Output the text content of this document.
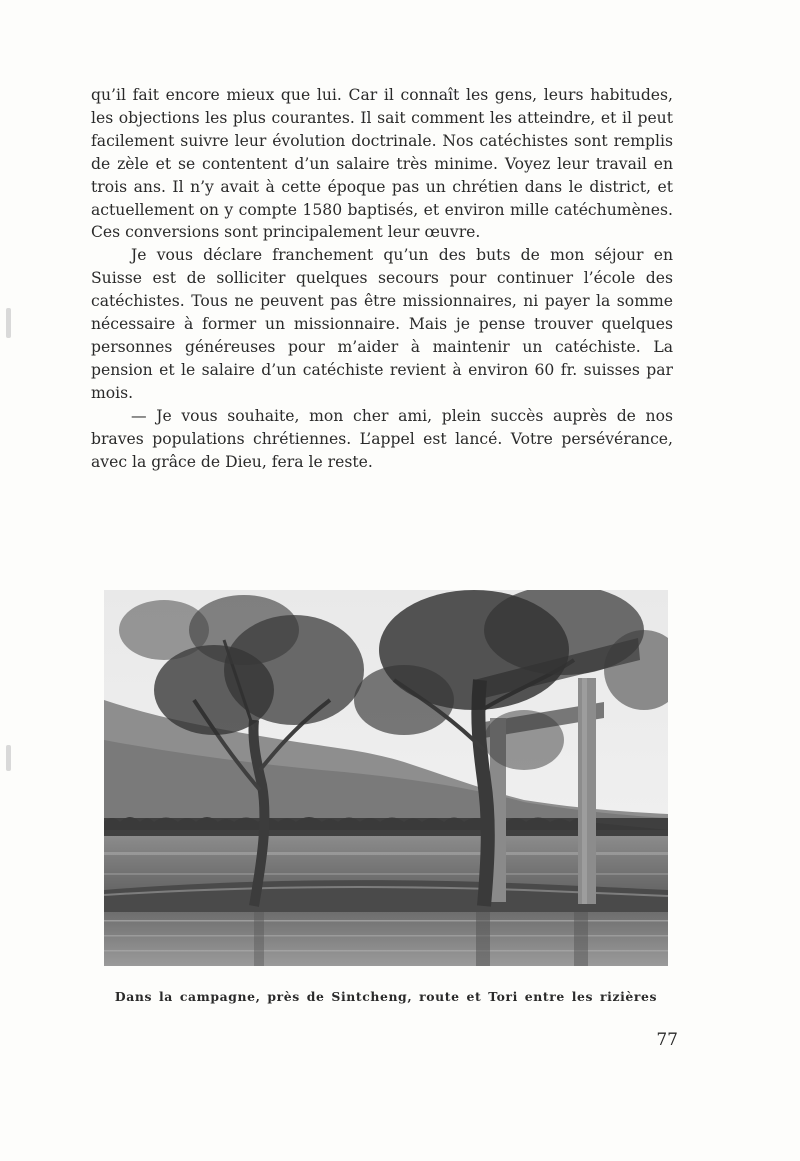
qu’il fait encore mieux que lui. Car il connaît les gens, leurs habitudes, les objections les plus courantes. Il sait comment les atteindre, et il peut facilement suivre leur évolution doctrinale. Nos catéchistes sont remplis de zèle et se contentent d’un salaire très minime. Voyez leur travail en trois ans. Il n’y avait à cette époque pas un chrétien dans le district, et actuellement on y compte 1580 baptisés, et environ mille catéchumènes. Ces conversions sont principalement leur œuvre.

Je vous déclare franchement qu’un des buts de mon séjour en Suisse est de solliciter quelques secours pour continuer l’école des catéchistes. Tous ne peuvent pas être missionnaires, ni payer la somme nécessaire à former un missionnaire. Mais je pense trouver quelques personnes généreuses pour m’aider à maintenir un catéchiste. La pension et le salaire d’un catéchiste revient à environ 60 fr. suisses par mois.

— Je vous souhaite, mon cher ami, plein succès auprès de nos braves populations chrétiennes. L’appel est lancé. Votre persévérance, avec la grâce de Dieu, fera le reste.

Dans la campagne, près de Sintcheng, route et Tori entre les rizières
77
